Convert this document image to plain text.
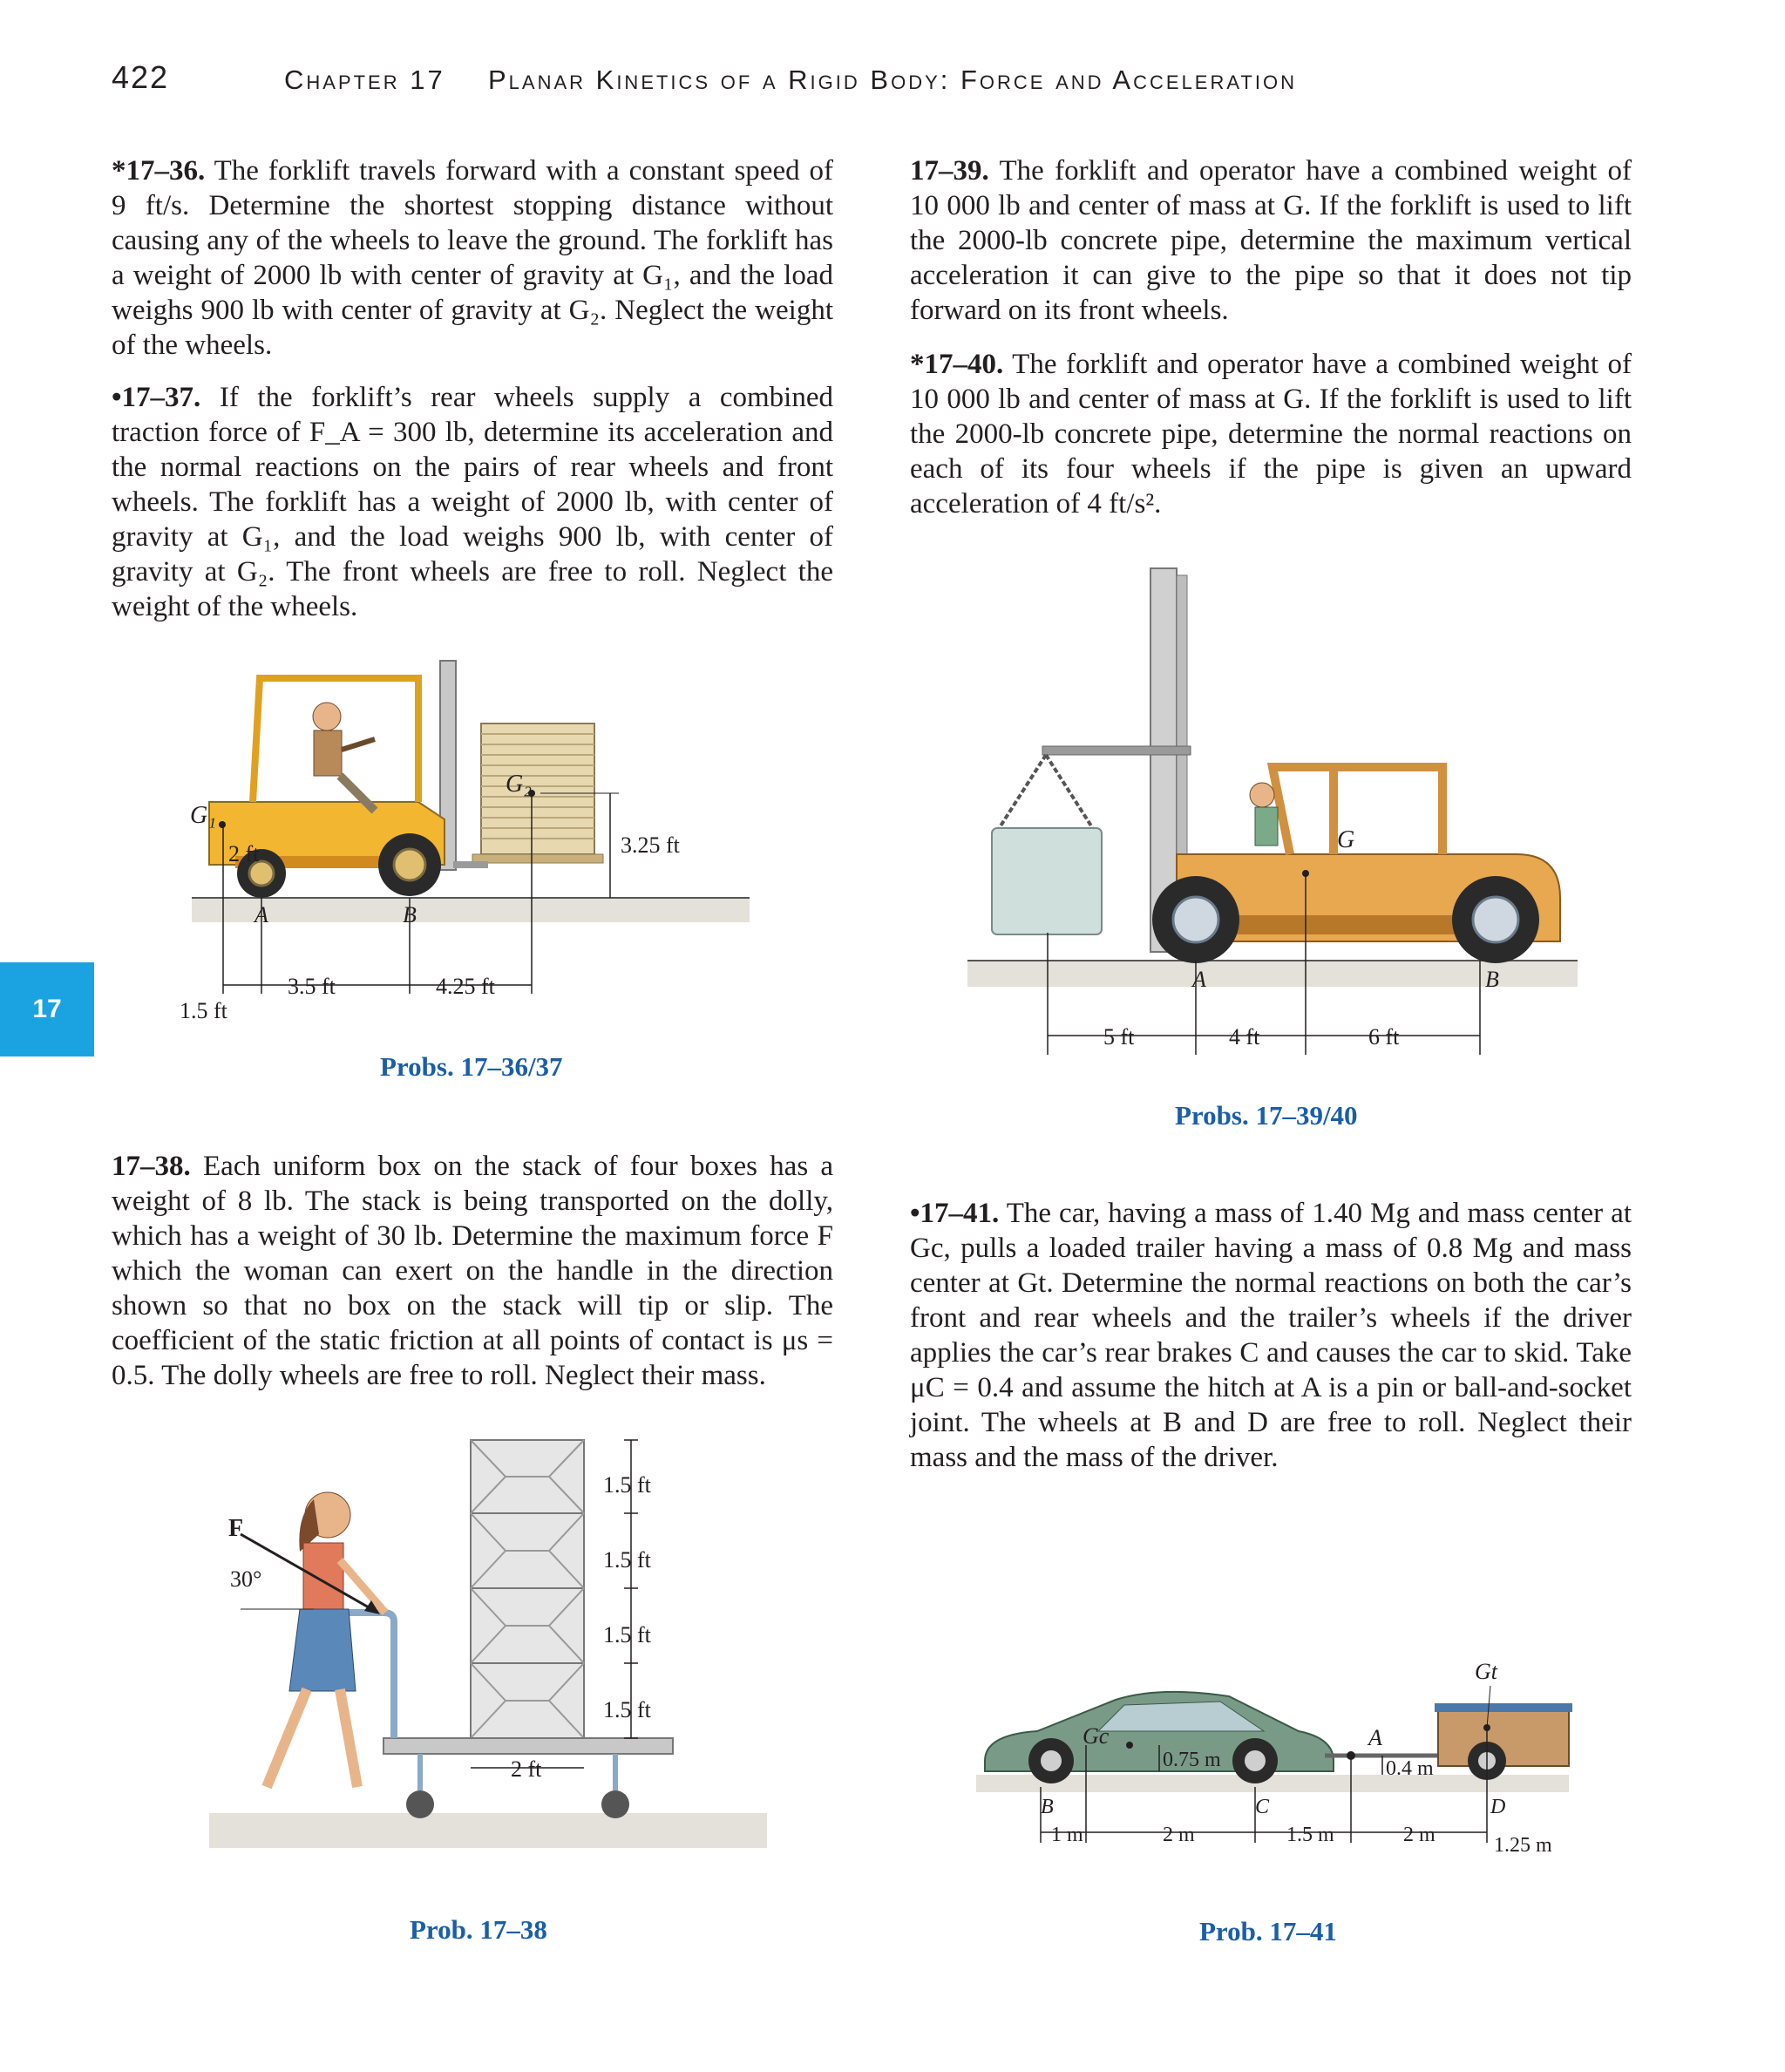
422	Chapter 17 Planar Kinetics of a Rigid Body: Force and Acceleration
17
*17–36. The forklift travels forward with a constant speed of 9 ft/s. Determine the shortest stopping distance without causing any of the wheels to leave the ground. The forklift has a weight of 2000 lb with center of gravity at G₁, and the load weighs 900 lb with center of gravity at G₂. Neglect the weight of the wheels.
•17–37. If the forklift’s rear wheels supply a combined traction force of F_A = 300 lb, determine its acceleration and the normal reactions on the pairs of rear wheels and front wheels. The forklift has a weight of 2000 lb, with center of gravity at G₁, and the load weighs 900 lb, with center of gravity at G₂. The front wheels are free to roll. Neglect the weight of the wheels.
17–38. Each uniform box on the stack of four boxes has a weight of 8 lb. The stack is being transported on the dolly, which has a weight of 30 lb. Determine the maximum force F which the woman can exert on the handle in the direction shown so that no box on the stack will tip or slip. The coefficient of the static friction at all points of contact is μs = 0.5. The dolly wheels are free to roll. Neglect their mass.
17–39. The forklift and operator have a combined weight of 10 000 lb and center of mass at G. If the forklift is used to lift the 2000-lb concrete pipe, determine the maximum vertical acceleration it can give to the pipe so that it does not tip forward on its front wheels.
*17–40. The forklift and operator have a combined weight of 10 000 lb and center of mass at G. If the forklift is used to lift the 2000-lb concrete pipe, determine the normal reactions on each of its four wheels if the pipe is given an upward acceleration of 4 ft/s².
•17–41. The car, having a mass of 1.40 Mg and mass center at Gc, pulls a loaded trailer having a mass of 0.8 Mg and mass center at Gt. Determine the normal reactions on both the car’s front and rear wheels and the trailer’s wheels if the driver applies the car’s rear brakes C and causes the car to skid. Take μC = 0.4 and assume the hitch at A is a pin or ball-and-socket joint. The wheels at B and D are free to roll. Neglect their mass and the mass of the driver.
G₁
G₂
2 ft	3.25 ft
A	B
1.5 ft
3.5 ft	4.25 ft
Probs. 17–36/37
G
A	B
5 ft	4 ft	6 ft
Probs. 17–39/40
F
30°
1.5 ft
1.5 ft
1.5 ft
1.5 ft
2 ft
Prob. 17–38
Gt
Gc	A
0.75 m	0.4 m
B	C	D
1 m	2 m	1.5 m	2 m	1.25 m
Prob. 17–41
